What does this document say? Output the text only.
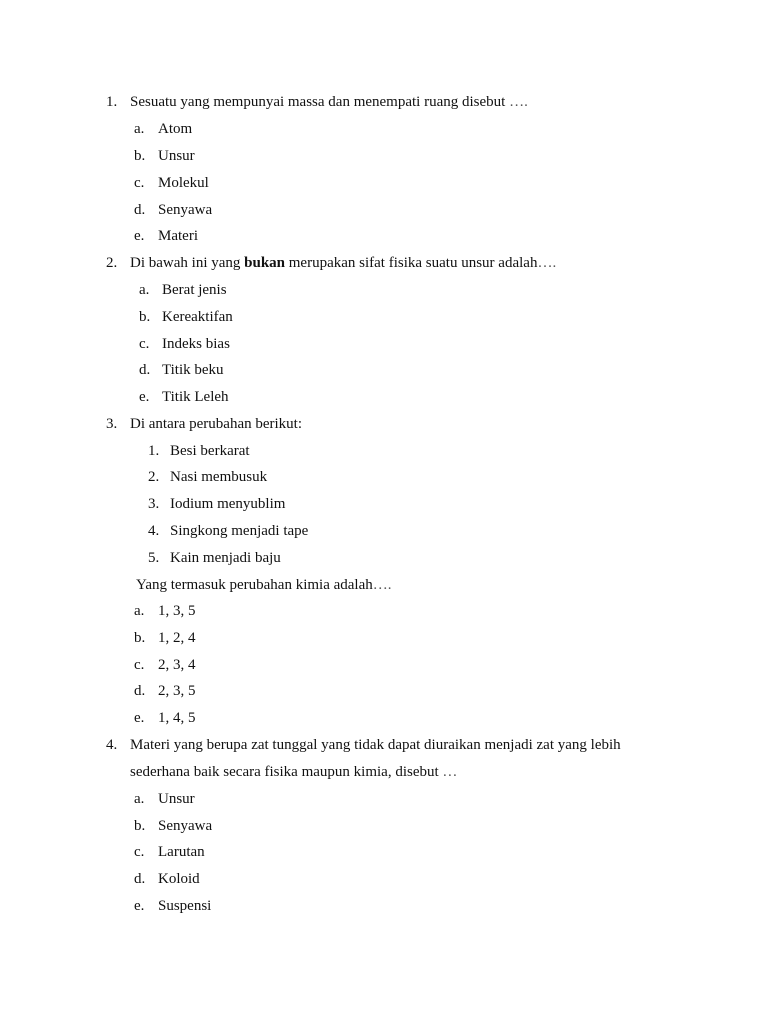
1. Sesuatu yang mempunyai massa dan menempati ruang disebut ….
a. Atom
b. Unsur
c. Molekul
d. Senyawa
e. Materi
2. Di bawah ini yang bukan merupakan sifat fisika suatu unsur adalah….
a. Berat jenis
b. Kereaktifan
c. Indeks bias
d. Titik beku
e. Titik Leleh
3. Di antara perubahan berikut:
1. Besi berkarat
2. Nasi membusuk
3. Iodium menyublim
4. Singkong menjadi tape
5. Kain menjadi baju
Yang termasuk perubahan kimia adalah….
a. 1, 3, 5
b. 1, 2, 4
c. 2, 3, 4
d. 2, 3, 5
e. 1, 4, 5
4. Materi yang berupa zat tunggal yang tidak dapat diuraikan menjadi zat yang lebih
sederhana baik secara fisika maupun kimia, disebut …
a. Unsur
b. Senyawa
c. Larutan
d. Koloid
e. Suspensi
